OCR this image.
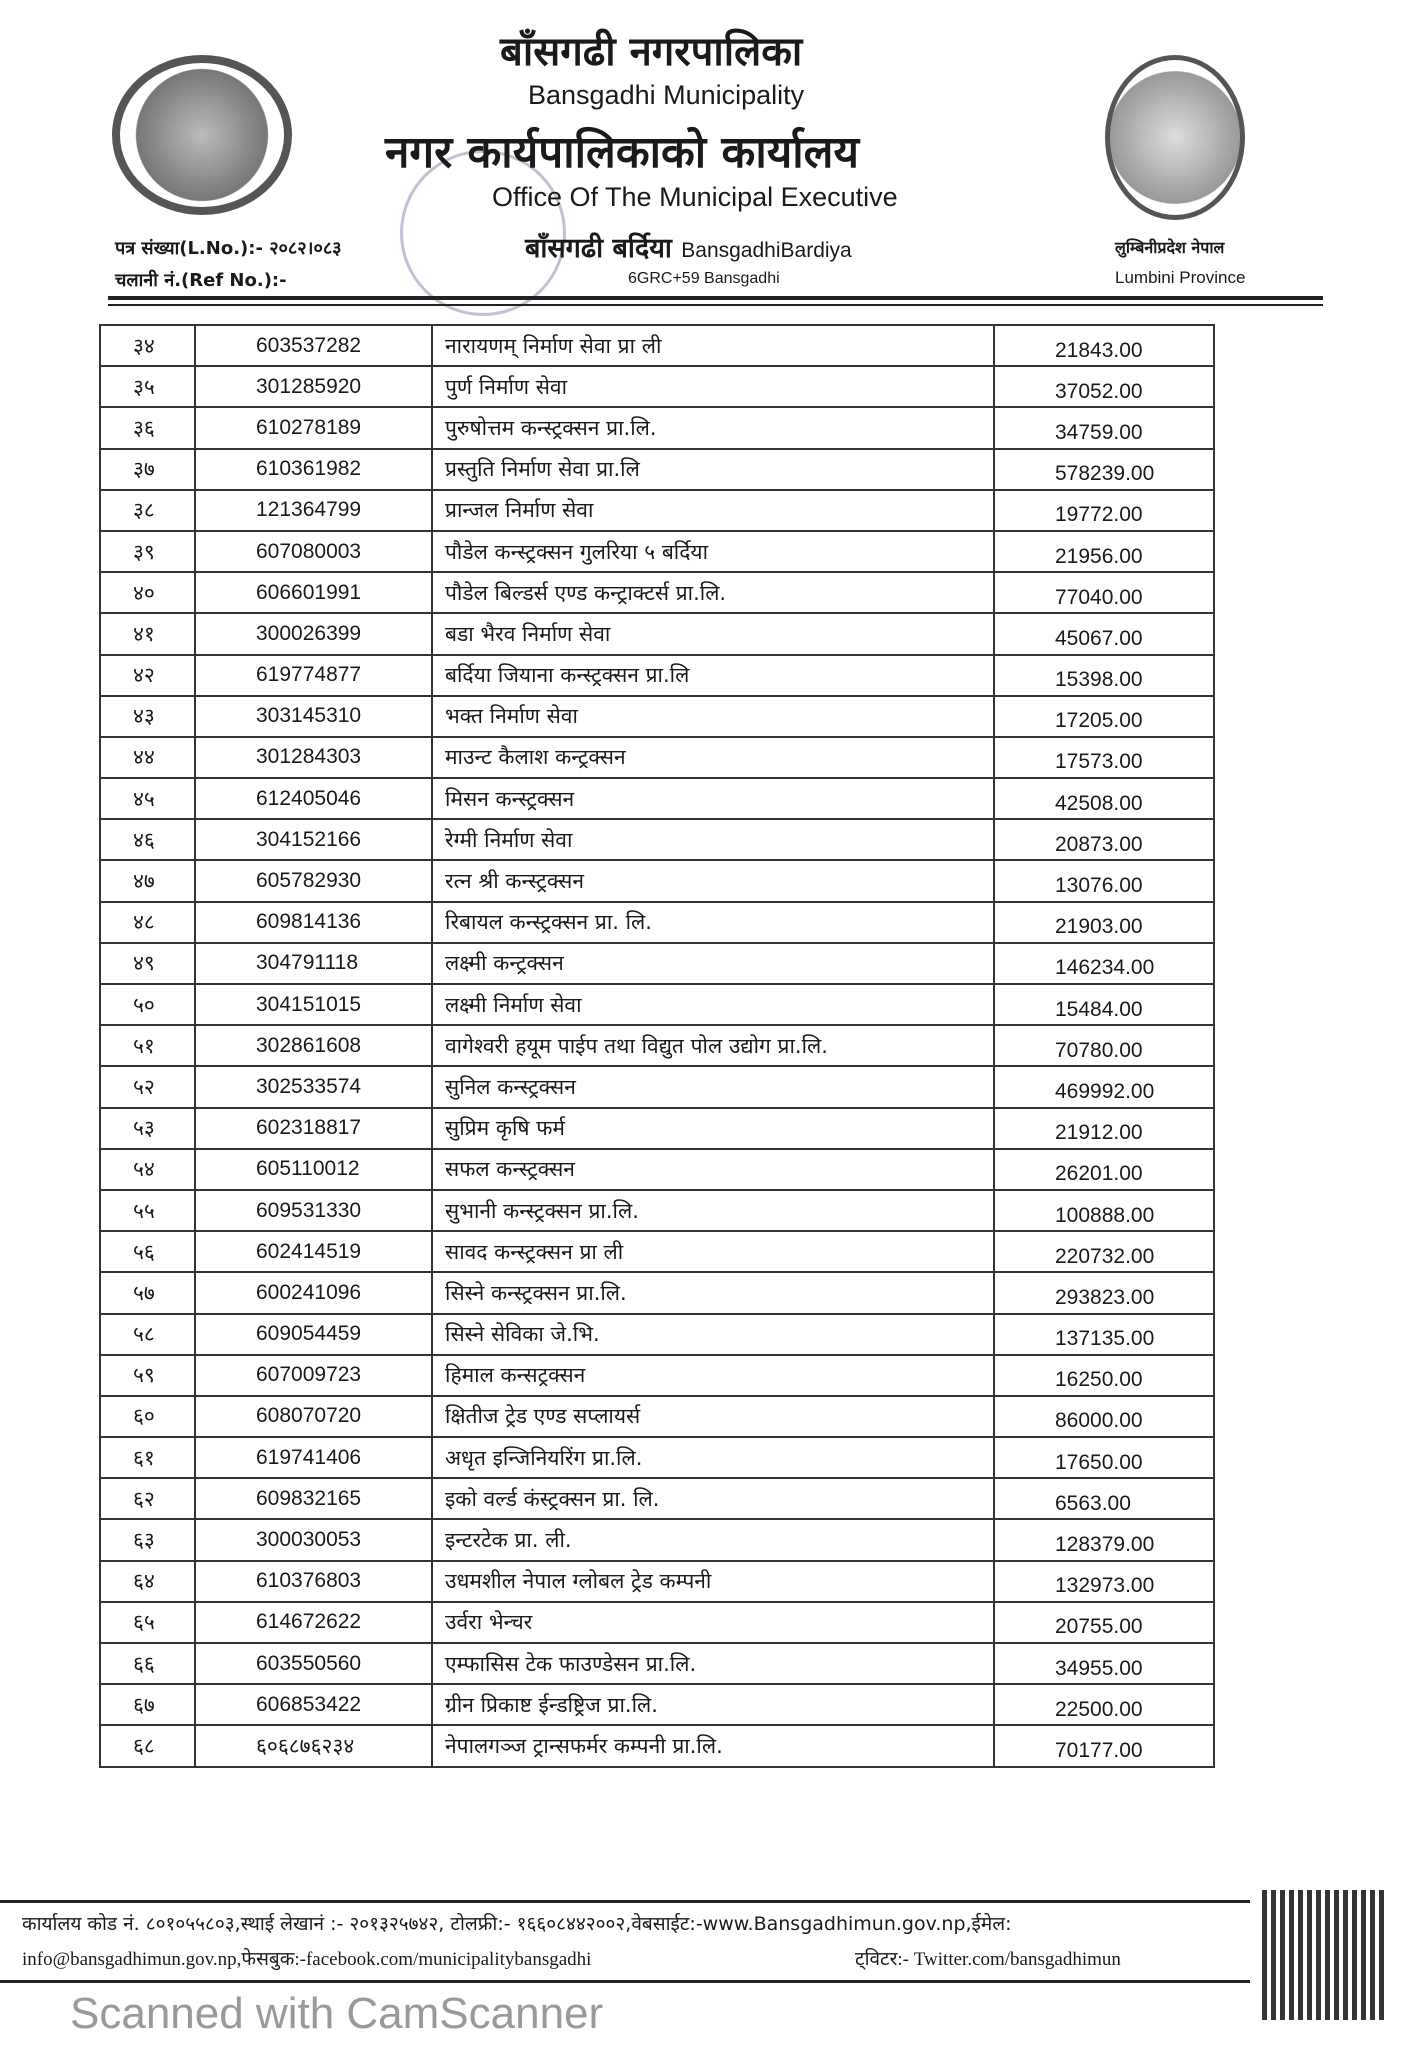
बाँसगढी नगरपालिका
Bansgadhi Municipality
नगर कार्यपालिकाको कार्यालय
Office Of The Municipal Executive
बाँसगढी बर्दिया BansgadhiBardiya
6GRC+59 Bansgadhi
पत्र संख्या(L.No.):- २०८२।०८३
चलानी नं.(Ref No.):-
लुम्बिनीप्रदेश नेपाल
Lumbini Province
३४	603537282	नारायणम् निर्माण सेवा प्रा ली	21843.00
३५	301285920	पुर्ण निर्माण सेवा	37052.00
३६	610278189	पुरुषोत्तम कन्स्ट्रक्सन प्रा.लि.	34759.00
३७	610361982	प्रस्तुति निर्माण सेवा प्रा.लि	578239.00
३८	121364799	प्रान्जल निर्माण सेवा	19772.00
३९	607080003	पौडेल कन्स्ट्रक्सन गुलरिया ५ बर्दिया	21956.00
४०	606601991	पौडेल बिल्डर्स एण्ड कन्ट्राक्टर्स प्रा.लि.	77040.00
४१	300026399	बडा भैरव निर्माण सेवा	45067.00
४२	619774877	बर्दिया जियाना कन्स्ट्रक्सन प्रा.लि	15398.00
४३	303145310	भक्त निर्माण सेवा	17205.00
४४	301284303	माउन्ट कैलाश कन्ट्रक्सन	17573.00
४५	612405046	मिसन कन्स्ट्रक्सन	42508.00
४६	304152166	रेग्मी निर्माण सेवा	20873.00
४७	605782930	रत्न श्री कन्स्ट्रक्सन	13076.00
४८	609814136	रिबायल कन्स्ट्रक्सन प्रा. लि.	21903.00
४९	304791118	लक्ष्मी कन्ट्रक्सन	146234.00
५०	304151015	लक्ष्मी निर्माण सेवा	15484.00
५१	302861608	वागेश्वरी हयूम पाईप तथा विद्युत पोल उद्योग प्रा.लि.	70780.00
५२	302533574	सुनिल कन्स्ट्रक्सन	469992.00
५३	602318817	सुप्रिम कृषि फर्म	21912.00
५४	605110012	सफल कन्स्ट्रक्सन	26201.00
५५	609531330	सुभानी कन्स्ट्रक्सन प्रा.लि.	100888.00
५६	602414519	सावद कन्स्ट्रक्सन प्रा ली	220732.00
५७	600241096	सिस्ने कन्स्ट्रक्सन प्रा.लि.	293823.00
५८	609054459	सिस्ने सेविका जे.भि.	137135.00
५९	607009723	हिमाल कन्सट्रक्सन	16250.00
६०	608070720	क्षितीज ट्रेड एण्ड सप्लायर्स	86000.00
६१	619741406	अधृत इन्जिनियरिंग प्रा.लि.	17650.00
६२	609832165	इको वर्ल्ड कंस्ट्रक्सन प्रा. लि.	6563.00
६३	300030053	इन्टरटेक प्रा. ली.	128379.00
६४	610376803	उधमशील नेपाल ग्लोबल ट्रेड कम्पनी	132973.00
६५	614672622	उर्वरा भेन्चर	20755.00
६६	603550560	एम्फासिस टेक फाउण्डेसन प्रा.लि.	34955.00
६७	606853422	ग्रीन प्रिकाष्ट ईन्डष्ट्रिज प्रा.लि.	22500.00
६८	६०६८७६२३४	नेपालगञ्ज ट्रान्सफर्मर कम्पनी प्रा.लि.	70177.00
कार्यालय कोड नं. ८०१०५५८०३,स्थाई लेखानं :- २०१३२५७४२, टोलफ्री:- १६६०८४४२००२,वेबसाईट:-www.Bansgadhimun.gov.np,ईमेल:
info@bansgadhimun.gov.np,फेसबुक:-facebook.com/municipalitybansgadhi	ट्विटर:- Twitter.com/bansgadhimun
Scanned with CamScanner
